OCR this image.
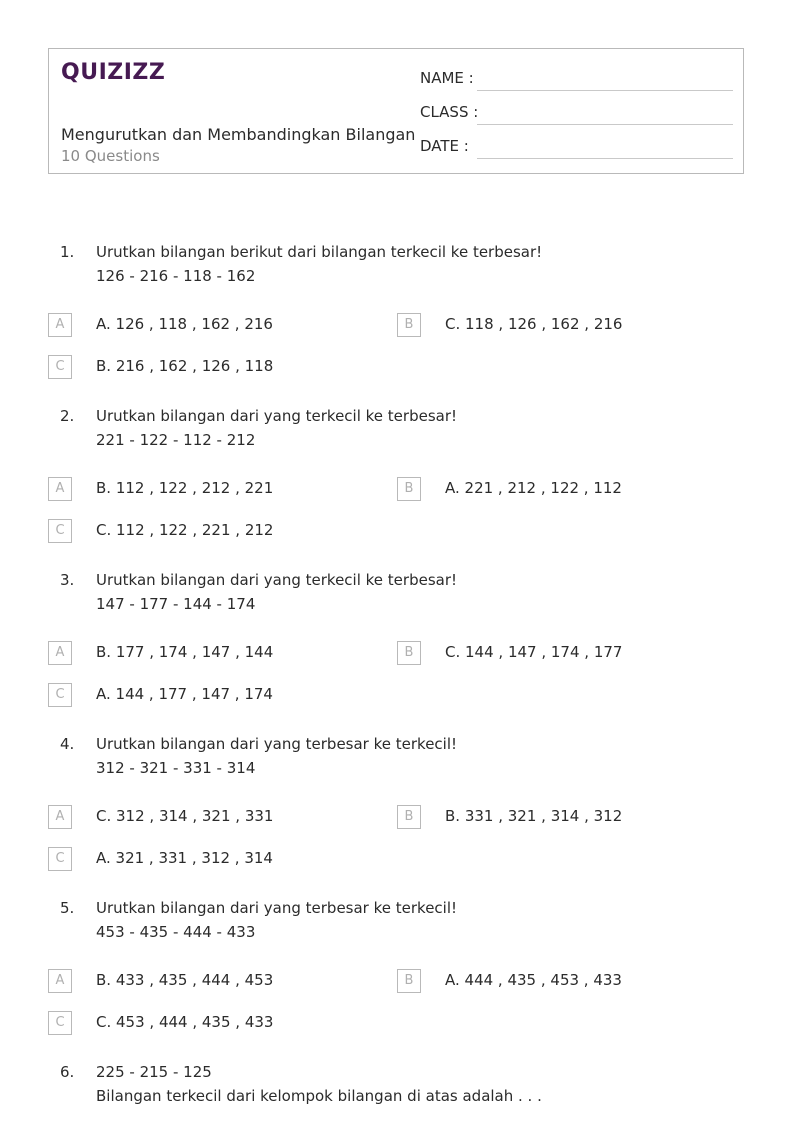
QUIZIZZ
Mengurutkan dan Membandingkan Bilangan
10 Questions
NAME :
CLASS :
DATE :
1. Urutkan bilangan berikut dari bilangan terkecil ke terbesar!
126 - 216 - 118 - 162
A	A. 126 , 118 , 162 , 216	B	C. 118 , 126 , 162 , 216
C	B. 216 , 162 , 126 , 118
2. Urutkan bilangan dari yang terkecil ke terbesar!
221 - 122 - 112 - 212
A	B. 112 , 122 , 212 , 221	B	A. 221 , 212 , 122 , 112
C	C. 112 , 122 , 221 , 212
3. Urutkan bilangan dari yang terkecil ke terbesar!
147 - 177 - 144 - 174
A	B. 177 , 174 , 147 , 144	B	C. 144 , 147 , 174 , 177
C	A. 144 , 177 , 147 , 174
4. Urutkan bilangan dari yang terbesar ke terkecil!
312 - 321 - 331 - 314
A	C. 312 , 314 , 321 , 331	B	B. 331 , 321 , 314 , 312
C	A. 321 , 331 , 312 , 314
5. Urutkan bilangan dari yang terbesar ke terkecil!
453 - 435 - 444 - 433
A	B. 433 , 435 , 444 , 453	B	A. 444 , 435 , 453 , 433
C	C. 453 , 444 , 435 , 433
6. 225 - 215 - 125
Bilangan terkecil dari kelompok bilangan di atas adalah . . .
